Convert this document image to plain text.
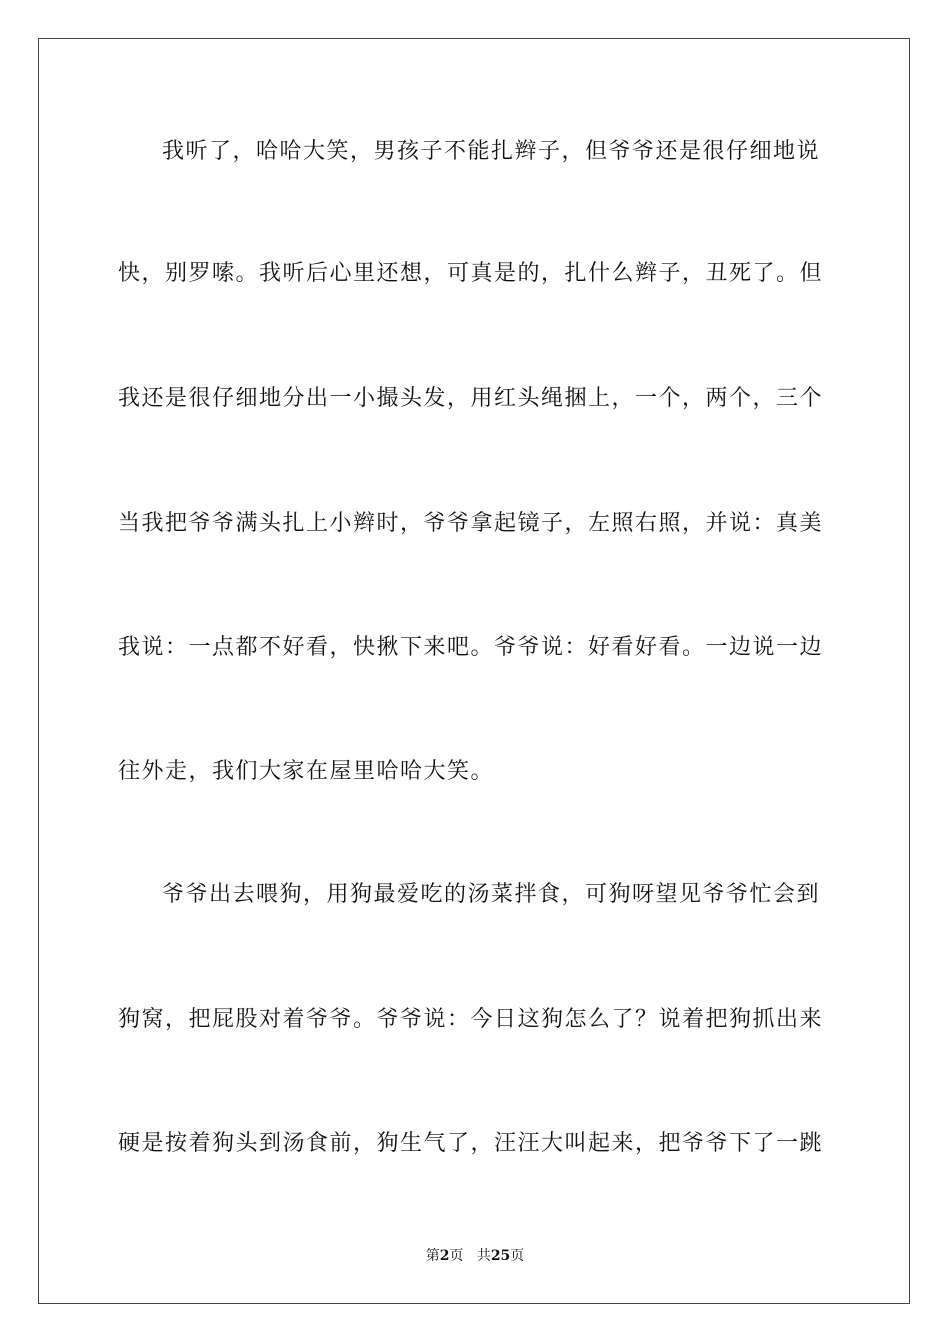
我听了，哈哈大笑，男孩子不能扎辫子，但爷爷还是很仔细地说
快，别罗嗦。我听后心里还想，可真是的，扎什么辫子，丑死了。但
我还是很仔细地分出一小撮头发，用红头绳捆上，一个，两个，三个
当我把爷爷满头扎上小辫时，爷爷拿起镜子，左照右照，并说：真美
我说：一点都不好看，快揪下来吧。爷爷说：好看好看。一边说一边
往外走，我们大家在屋里哈哈大笑。
爷爷出去喂狗，用狗最爱吃的汤菜拌食，可狗呀望见爷爷忙会到
狗窝，把屁股对着爷爷。爷爷说：今日这狗怎么了？说着把狗抓出来
硬是按着狗头到汤食前，狗生气了，汪汪大叫起来，把爷爷下了一跳
第2页 共25页
